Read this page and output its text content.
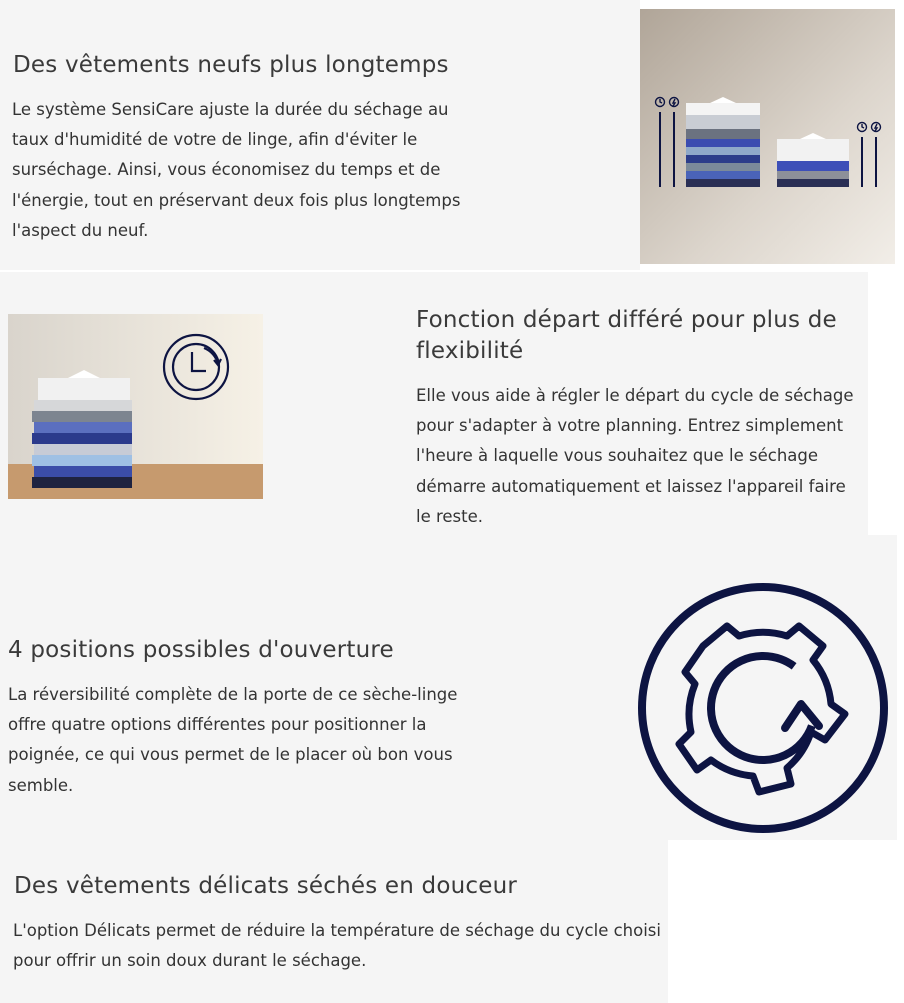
Des vêtements neufs plus longtemps

Le système SensiCare ajuste la durée du séchage au taux d'humidité de votre de linge, afin d'éviter le surséchage. Ainsi, vous économisez du temps et de l'énergie, tout en préservant deux fois plus longtemps l'aspect du neuf.

Fonction départ différé pour plus de flexibilité

Elle vous aide à régler le départ du cycle de séchage pour s'adapter à votre planning. Entrez simplement l'heure à laquelle vous souhaitez que le séchage démarre automatiquement et laissez l'appareil faire le reste.

4 positions possibles d'ouverture

La réversibilité complète de la porte de ce sèche-linge offre quatre options différentes pour positionner la poignée, ce qui vous permet de le placer où bon vous semble.

Des vêtements délicats séchés en douceur

L'option Délicats permet de réduire la température de séchage du cycle choisi pour offrir un soin doux durant le séchage.
